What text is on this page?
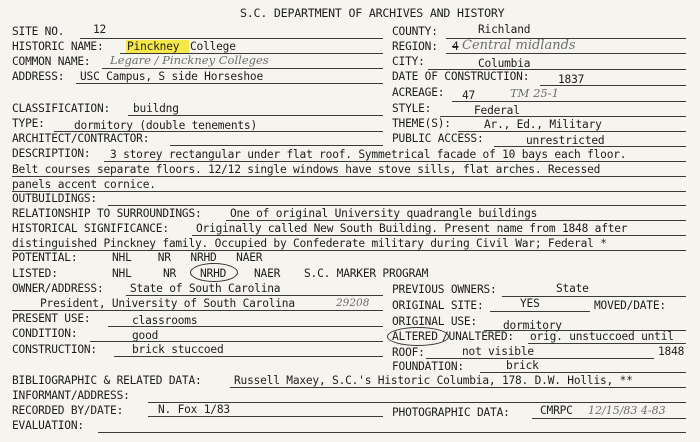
S.C. DEPARTMENT OF ARCHIVES AND HISTORY
SITE NO.	12
HISTORIC NAME: Pinckney College
COMMON NAME: Legare / Pinckney Colleges
ADDRESS: USC Campus, S side Horseshoe
COUNTY:	Richland
REGION: 4 Central midlands
CITY:	Columbia
DATE OF CONSTRUCTION:	1837
ACREAGE: 47	TM 25-1
CLASSIFICATION: buildng	STYLE:	Federal
TYPE:	dormitory (double tenements)	THEME(S):	Ar., Ed., Military
ARCHITECT/CONTRACTOR:	PUBLIC ACCESS:	unrestricted
DESCRIPTION: 3 storey rectangular under flat roof. Symmetrical facade of 10 bays each floor.
Belt courses separate floors. 12/12 single windows have stove sills, flat arches. Recessed
panels accent cornice.
OUTBUILDINGS:
RELATIONSHIP TO SURROUNDINGS:	One of original University quadrangle buildings
HISTORICAL SIGNIFICANCE: Originally called New South Building. Present name from 1848 after
distinguished Pinckney family. Occupied by Confederate military during Civil War; Federal *
POTENTIAL:	NHL    NR   NRHD   NAER
LISTED:	NHL	NR NRHD NAER S.C. MARKER PROGRAM
OWNER/ADDRESS: State of South Carolina
President, University of South Carolina	29208
PREVIOUS OWNERS:	State
ORIGINAL SITE:	YES	MOVED/DATE:
PRESENT USE:	classrooms	ORIGINAL USE: dormitory
CONDITION:	good	ALTERED /UNALTERED: orig. unstuccoed until
CONSTRUCTION:	brick stuccoed	ROOF:	not visible	1848
FOUNDATION:	brick
BIBLIOGRAPHIC & RELATED DATA:	Russell Maxey, S.C.'s Historic Columbia, 178. D.W. Hollis, **
INFORMANT/ADDRESS:
RECORDED BY/DATE:	N. Fox 1/83	PHOTOGRAPHIC DATA:	CMRPC 12/15/83 4-83
EVALUATION:
